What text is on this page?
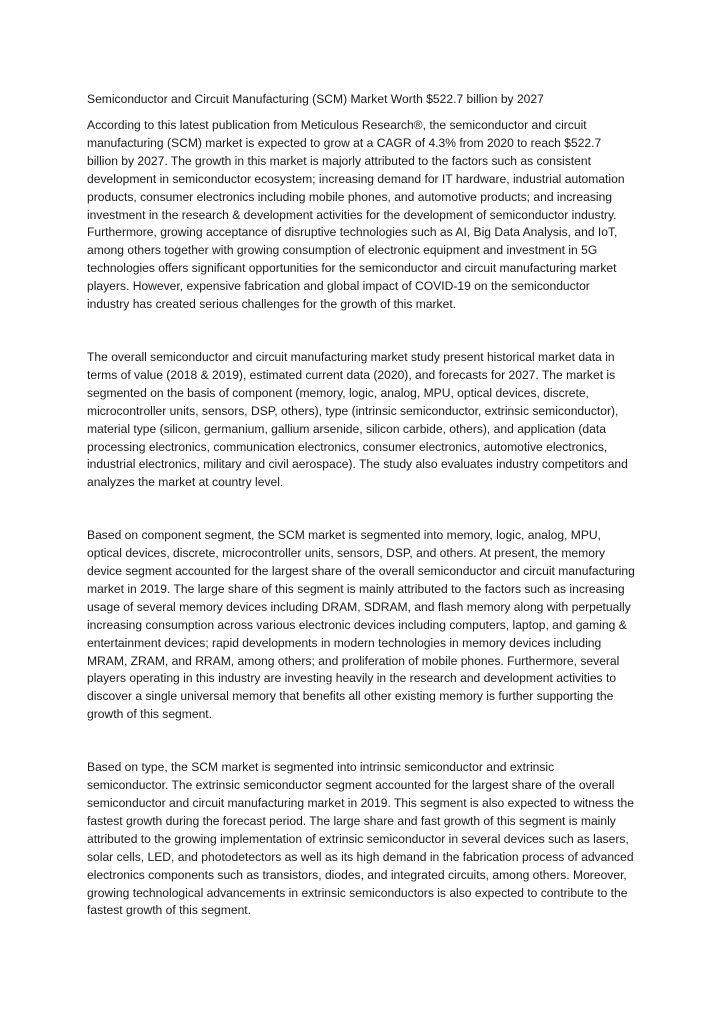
Semiconductor and Circuit Manufacturing (SCM) Market Worth $522.7 billion by 2027

According to this latest publication from Meticulous Research®, the semiconductor and circuit manufacturing (SCM) market is expected to grow at a CAGR of 4.3% from 2020 to reach $522.7 billion by 2027. The growth in this market is majorly attributed to the factors such as consistent development in semiconductor ecosystem; increasing demand for IT hardware, industrial automation products, consumer electronics including mobile phones, and automotive products; and increasing investment in the research & development activities for the development of semiconductor industry. Furthermore, growing acceptance of disruptive technologies such as AI, Big Data Analysis, and IoT, among others together with growing consumption of electronic equipment and investment in 5G technologies offers significant opportunities for the semiconductor and circuit manufacturing market players. However, expensive fabrication and global impact of COVID-19 on the semiconductor industry has created serious challenges for the growth of this market.

The overall semiconductor and circuit manufacturing market study present historical market data in terms of value (2018 & 2019), estimated current data (2020), and forecasts for 2027. The market is segmented on the basis of component (memory, logic, analog, MPU, optical devices, discrete, microcontroller units, sensors, DSP, others), type (intrinsic semiconductor, extrinsic semiconductor), material type (silicon, germanium, gallium arsenide, silicon carbide, others), and application (data processing electronics, communication electronics, consumer electronics, automotive electronics, industrial electronics, military and civil aerospace). The study also evaluates industry competitors and analyzes the market at country level.

Based on component segment, the SCM market is segmented into memory, logic, analog, MPU, optical devices, discrete, microcontroller units, sensors, DSP, and others. At present, the memory device segment accounted for the largest share of the overall semiconductor and circuit manufacturing market in 2019. The large share of this segment is mainly attributed to the factors such as increasing usage of several memory devices including DRAM, SDRAM, and flash memory along with perpetually increasing consumption across various electronic devices including computers, laptop, and gaming & entertainment devices; rapid developments in modern technologies in memory devices including MRAM, ZRAM, and RRAM, among others; and proliferation of mobile phones. Furthermore, several players operating in this industry are investing heavily in the research and development activities to discover a single universal memory that benefits all other existing memory is further supporting the growth of this segment.

Based on type, the SCM market is segmented into intrinsic semiconductor and extrinsic semiconductor. The extrinsic semiconductor segment accounted for the largest share of the overall semiconductor and circuit manufacturing market in 2019. This segment is also expected to witness the fastest growth during the forecast period. The large share and fast growth of this segment is mainly attributed to the growing implementation of extrinsic semiconductor in several devices such as lasers, solar cells, LED, and photodetectors as well as its high demand in the fabrication process of advanced electronics components such as transistors, diodes, and integrated circuits, among others. Moreover, growing technological advancements in extrinsic semiconductors is also expected to contribute to the fastest growth of this segment.
